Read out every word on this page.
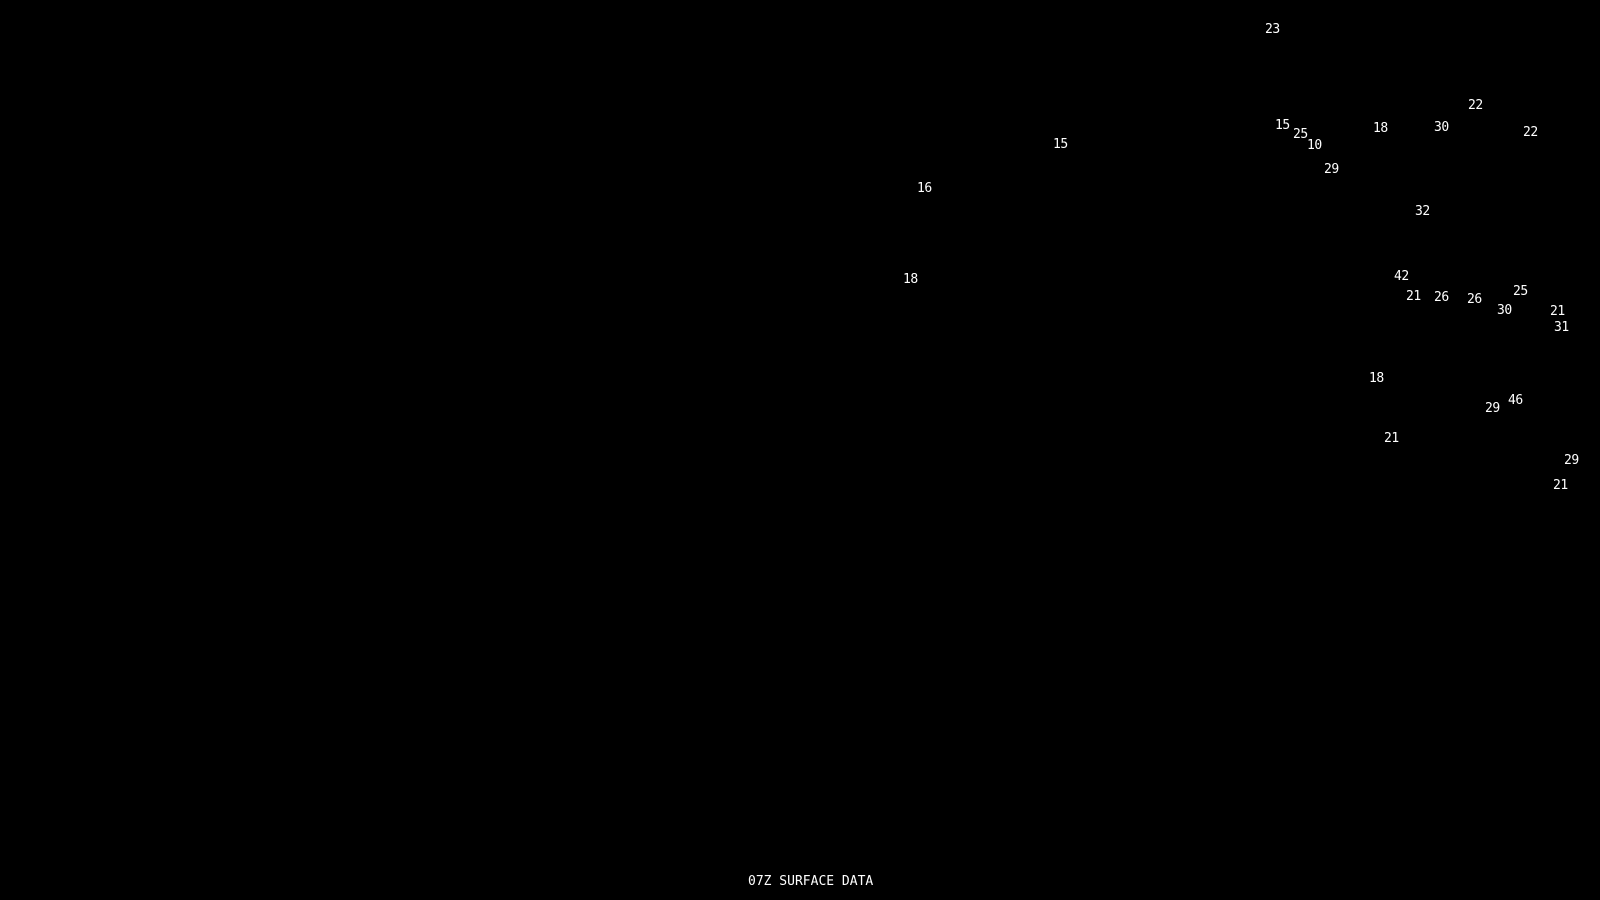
23
15
16
18
15
25
10
29
18	30
22
22
32
42
21 26 26
25
30	21
31
18
29
46
21
29
21
07Z SURFACE DATA
